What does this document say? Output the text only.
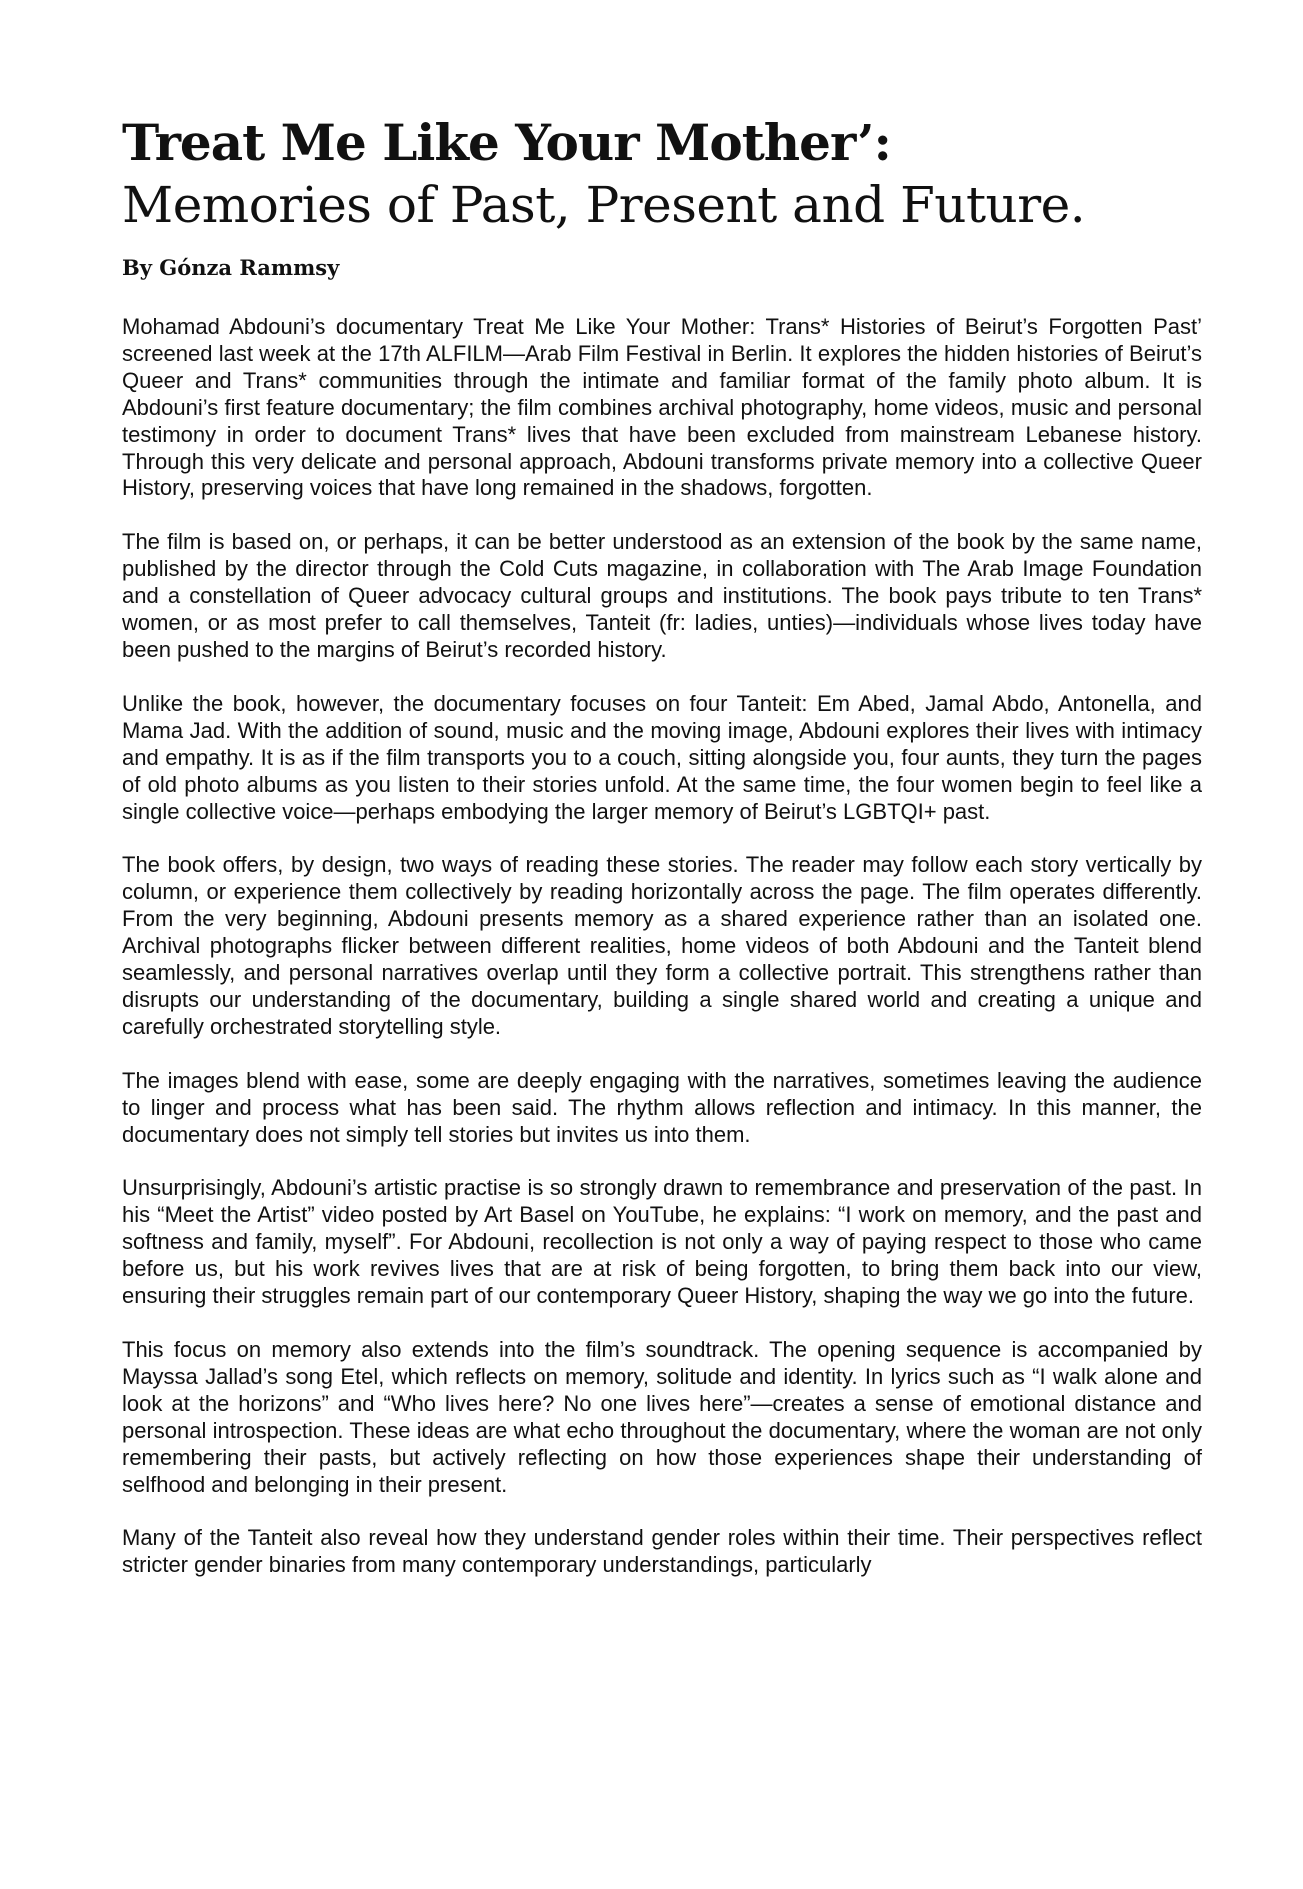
Treat Me Like Your Mother’:
Memories of Past, Present and Future.

By Gónza Rammsy

Mohamad Abdouni’s documentary Treat Me Like Your Mother: Trans* Histories of Beirut’s Forgotten Past’ screened last week at the 17th ALFILM—Arab Film Festival in Berlin. It explores the hidden histories of Beirut’s Queer and Trans* communities through the intimate and familiar format of the family photo album. It is Abdouni’s first feature documentary; the film combines archival photography, home videos, music and personal testimony in order to document Trans* lives that have been excluded from mainstream Lebanese history. Through this very delicate and personal approach, Abdouni transforms private memory into a collective Queer History, preserving voices that have long remained in the shadows, forgotten.

The film is based on, or perhaps, it can be better understood as an extension of the book by the same name, published by the director through the Cold Cuts magazine, in collaboration with The Arab Image Foundation and a constellation of Queer advocacy cultural groups and institutions. The book pays tribute to ten Trans* women, or as most prefer to call themselves, Tanteit (fr: ladies, unties)—individuals whose lives today have been pushed to the margins of Beirut’s recorded history.

Unlike the book, however, the documentary focuses on four Tanteit: Em Abed, Jamal Abdo, Antonella, and Mama Jad. With the addition of sound, music and the moving image, Abdouni explores their lives with intimacy and empathy. It is as if the film transports you to a couch, sitting alongside you, four aunts, they turn the pages of old photo albums as you listen to their stories unfold. At the same time, the four women begin to feel like a single collective voice—perhaps embodying the larger memory of Beirut’s LGBTQI+ past.

The book offers, by design, two ways of reading these stories. The reader may follow each story vertically by column, or experience them collectively by reading horizontally across the page. The film operates differently. From the very beginning, Abdouni presents memory as a shared experience rather than an isolated one. Archival photographs flicker between different realities, home videos of both Abdouni and the Tanteit blend seamlessly, and personal narratives overlap until they form a collective portrait. This strengthens rather than disrupts our understanding of the documentary, building a single shared world and creating a unique and carefully orchestrated storytelling style.

The images blend with ease, some are deeply engaging with the narratives, sometimes leaving the audience to linger and process what has been said. The rhythm allows reflection and intimacy. In this manner, the documentary does not simply tell stories but invites us into them.

Unsurprisingly, Abdouni’s artistic practise is so strongly drawn to remembrance and preservation of the past. In his “Meet the Artist” video posted by Art Basel on YouTube, he explains: “I work on memory, and the past and softness and family, myself”. For Abdouni, recollection is not only a way of paying respect to those who came before us, but his work revives lives that are at risk of being forgotten, to bring them back into our view, ensuring their struggles remain part of our contemporary Queer History, shaping the way we go into the future.

This focus on memory also extends into the film’s soundtrack. The opening sequence is accompanied by Mayssa Jallad’s song Etel, which reflects on memory, solitude and identity. In lyrics such as “I walk alone and look at the horizons” and “Who lives here? No one lives here”—creates a sense of emotional distance and personal introspection. These ideas are what echo throughout the documentary, where the woman are not only remembering their pasts, but actively reflecting on how those experiences shape their understanding of selfhood and belonging in their present.

Many of the Tanteit also reveal how they understand gender roles within their time. Their perspectives reflect stricter gender binaries from many contemporary understandings, particularly
